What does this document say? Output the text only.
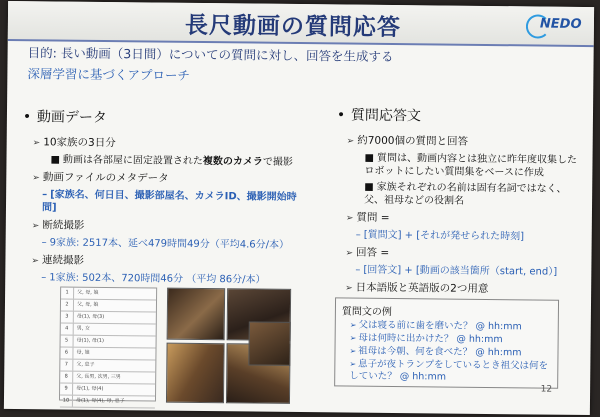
長尺動画の質問応答	NEDO
目的: 長い動画（3日間）についての質問に対し、回答を生成する
深層学習に基づくアプローチ
• 動画データ
➢ 10家族の3日分
■ 動画は各部屋に固定設置された複数のカメラで撮影
➢ 動画ファイルのメタデータ
– [家族名、何日目、撮影部屋名、カメラID、撮影開始時間]
➢ 断続撮影
– 9家族: 2517本、延べ479時間49分（平均4.6分/本）
➢ 連続撮影
– 1家族: 502本、720時間46分 （平均 86分/本）
1	父, 母, 娘
2	父, 母, 娘
3	母(1), 母(3)
4	男, 女
5	母(1), 母(1)
6	母, 娘
7	父, 息子
8	父, 長男, 次男, 三男
9	母(1), 母(4)
10	母(1), 母(4), 母, 息子
• 質問応答文
➢ 約7000個の質問と回答
■ 質問は、動画内容とは独立に昨年度収集したロボットにしたい質問集をベースに作成
■ 家族それぞれの名前は固有名詞ではなく、父、祖母などの役割名
➢ 質問 =
– [質問文] + [それが発せられた時刻]
➢ 回答 =
– [回答文] + [動画の該当箇所（start, end）]
➢ 日本語版と英語版の2つ用意
質問文の例
➢ 父は寝る前に歯を磨いた？ @ hh:mm
➢ 母は何時に出かけた？ @ hh:mm
➢ 祖母は今朝、何を食べた？ @ hh:mm
➢ 息子が夜トランプをしているとき祖父は何をしていた？ @ hh:mm
12
